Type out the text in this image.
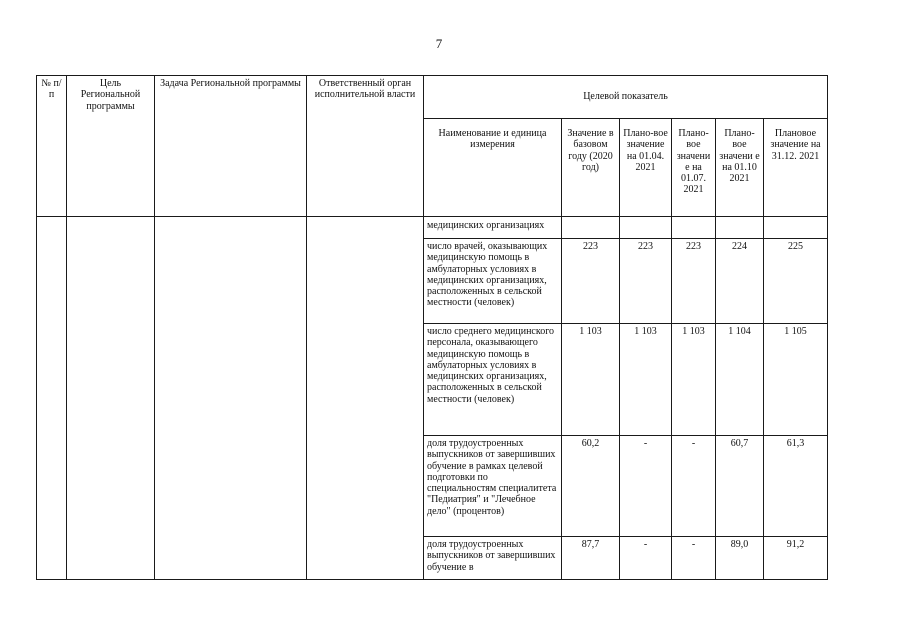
7
№ п/п	Цель Региональной программы	Задача Региональной программы	Ответственный орган исполнительной власти	Целевой показатель					
				Наименование и единица измерения	Значение в базовом году (2020 год)	Плано-вое значение на 01.04. 2021	Плано-вое значени е на 01.07. 2021	Плано-вое значени е на 01.10 2021	Плановое значение на 31.12. 2021
				медицинских организациях					
				число врачей, оказывающих медицинскую помощь в амбулаторных условиях в медицинских организациях, расположенных в сельской местности (человек)	223	223	223	224	225
				число среднего медицинского персонала, оказывающего медицинскую помощь в амбулаторных условиях в медицинских организациях, расположенных в сельской местности (человек)	1 103	1 103	1 103	1 104	1 105
				доля трудоустроенных выпускников от завершивших обучение в рамках целевой подготовки по специальностям специалитета "Педиатрия" и "Лечебное дело" (процентов)	60,2	-	-	60,7	61,3
				доля трудоустроенных выпускников от завершивших обучение в	87,7	-	-	89,0	91,2
